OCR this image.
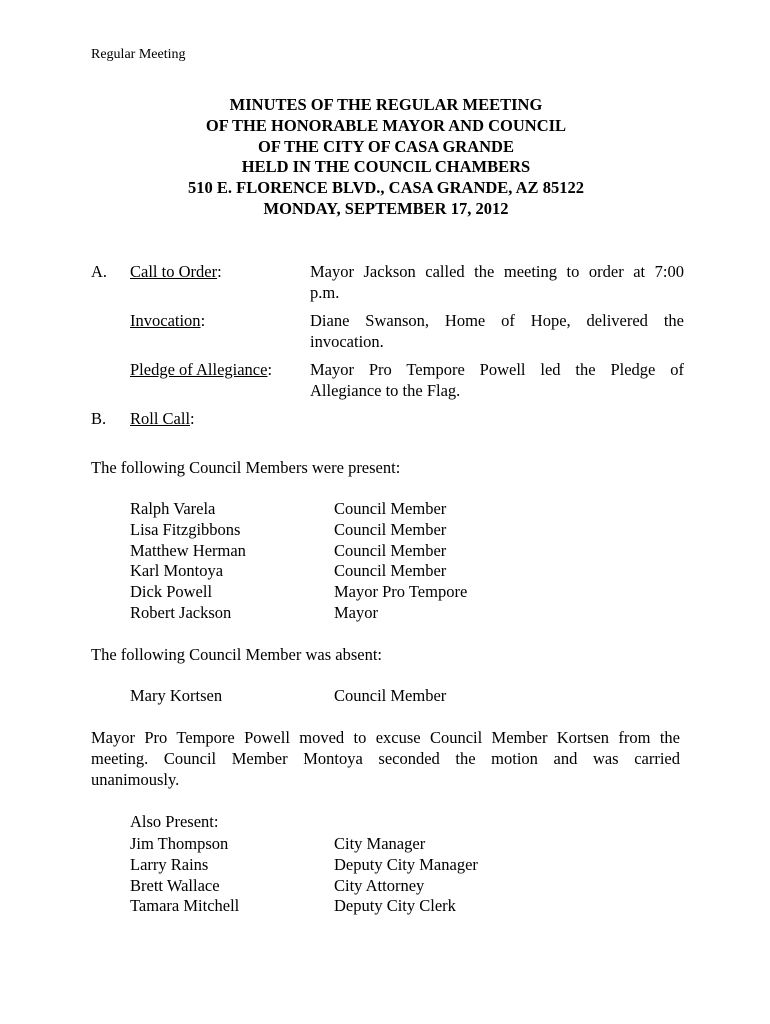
Regular Meeting
MINUTES OF THE REGULAR MEETING
OF THE HONORABLE MAYOR AND COUNCIL
OF THE CITY OF CASA GRANDE
HELD IN THE COUNCIL CHAMBERS
510 E. FLORENCE BLVD., CASA GRANDE, AZ 85122
MONDAY, SEPTEMBER 17, 2012
A. Call to Order:	Mayor Jackson called the meeting to order at 7:00
p.m.
Invocation:	Diane Swanson, Home of Hope, delivered the
invocation.
Pledge of Allegiance: Mayor Pro Tempore Powell led the Pledge of
Allegiance to the Flag.
B. Roll Call:
The following Council Members were present:
Ralph Varela	Council Member
Lisa Fitzgibbons	Council Member
Matthew Herman	Council Member
Karl Montoya	Council Member
Dick Powell	Mayor Pro Tempore
Robert Jackson	Mayor
The following Council Member was absent:
Mary Kortsen	Council Member
Mayor Pro Tempore Powell moved to excuse Council Member Kortsen from the
meeting. Council Member Montoya seconded the motion and was carried
unanimously.
Also Present:
Jim Thompson	City Manager
Larry Rains	Deputy City Manager
Brett Wallace	City Attorney
Tamara Mitchell	Deputy City Clerk
